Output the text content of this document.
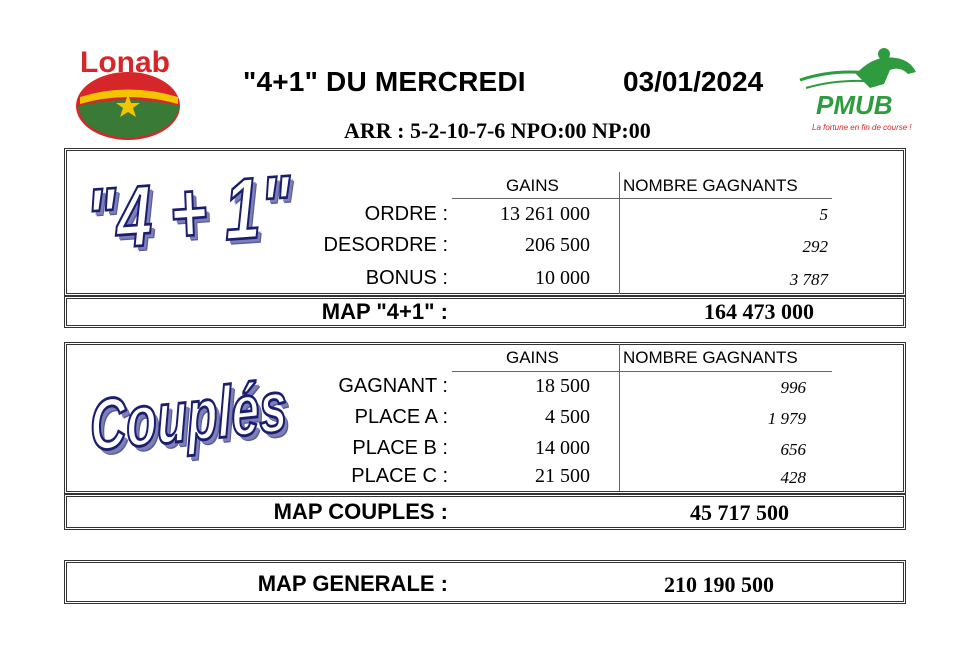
Lonab
PMUB
La fortune en fin de course !
"4+1" DU MERCREDI	03/01/2024
ARR : 5-2-10-7-6 NPO:00 NP:00
"4 + 1"	GAINS	NOMBRE GAGNANTS
ORDRE :	13 261 000	5
DESORDRE :	206 500	292
BONUS :	10 000	3 787
MAP "4+1" :	164 473 000
Couplés
GAINS	NOMBRE GAGNANTS
GAGNANT :	18 500	996
PLACE A :	4 500	1 979
PLACE B :	14 000	656
PLACE C :	21 500	428
MAP COUPLES :	45 717 500
MAP GENERALE :	210 190 500
